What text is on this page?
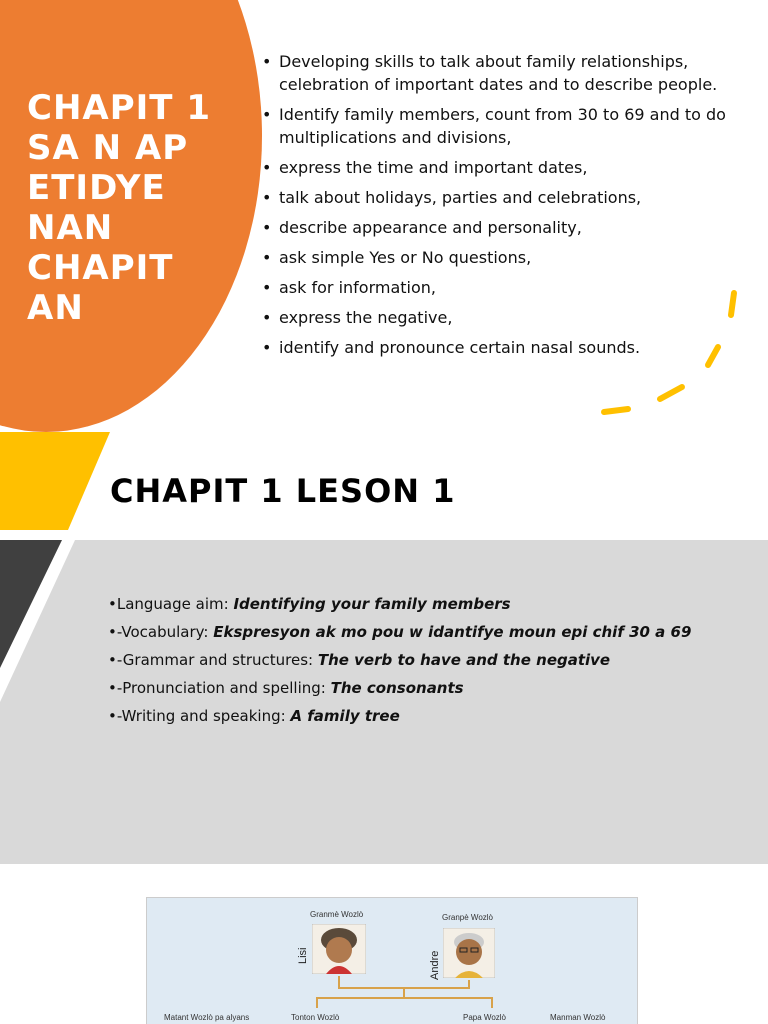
CHAPIT 1
SA N AP
ETIDYE
NAN
CHAPIT
AN
• Developing skills to talk about family relationships, celebration of important dates and to describe people.
• Identify family members, count from 30 to 69 and to do multiplications and divisions,
• express the time and important dates,
• talk about holidays, parties and celebrations,
• describe appearance and personality,
• ask simple Yes or No questions,
• ask for information,
• express the negative,
• identify and pronounce certain nasal sounds.
CHAPIT 1 LESON 1
•Language aim: Identifying your family members
•-Vocabulary: Ekspresyon ak mo pou w idantifye moun epi chif 30 a 69
•-Grammar and structures: The verb to have and the negative
•-Pronunciation and spelling: The consonants
•-Writing and speaking: A family tree
Granmè Wozlò	Granpè Wozlò
Lisi	Andre
Matant Wozlò pa alyans	Tonton Wozlò	Papa Wozlò	Manman Wozlò
